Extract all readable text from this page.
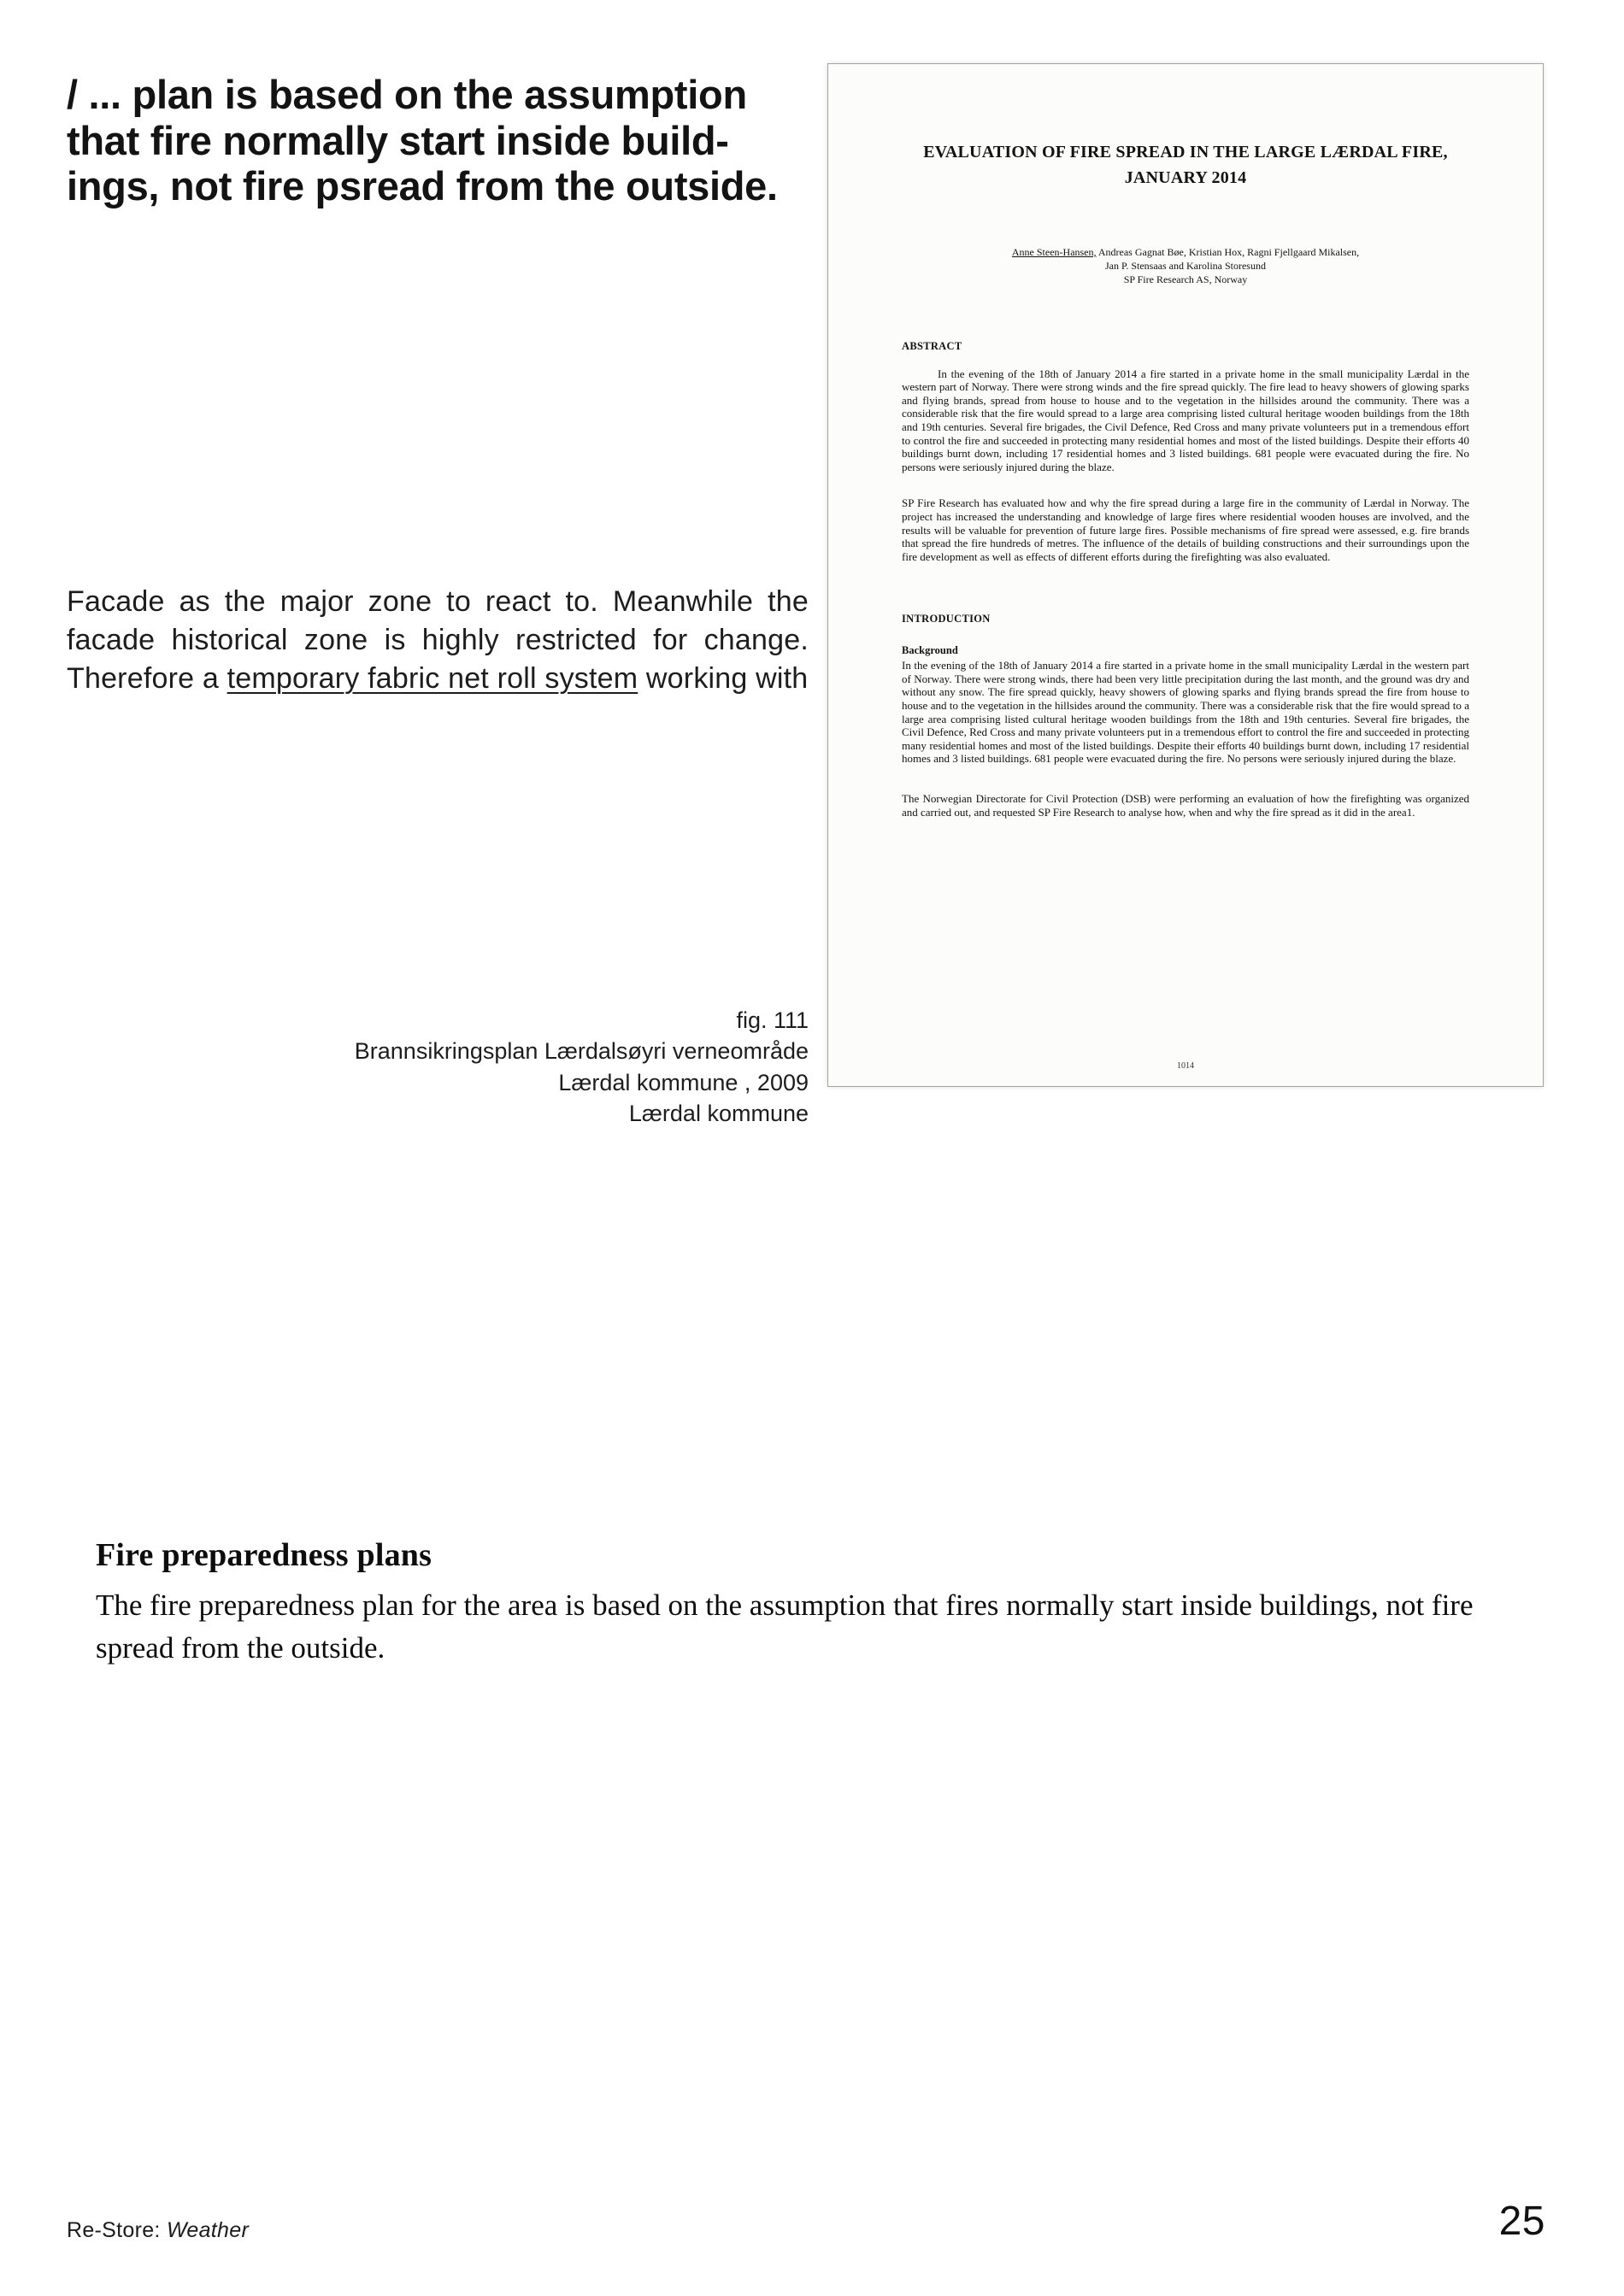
/ ... plan is based on the assumption
that fire normally start inside build-
ings, not fire psread from the outside.
Facade as the major zone to react to. Meanwhile the facade historical zone is highly restricted for change. Therefore a temporary fabric net roll system working with
fig. 111
Brannsikringsplan Lærdalsøyri verneområde
Lærdal kommune , 2009
Lærdal kommune
EVALUATION OF FIRE SPREAD IN THE LARGE LÆRDAL FIRE, JANUARY 2014
Anne Steen-Hansen, Andreas Gagnat Bøe, Kristian Hox, Ragni Fjellgaard Mikalsen,
Jan P. Stensaas and Karolina Storesund
SP Fire Research AS, Norway
ABSTRACT

In the evening of the 18th of January 2014 a fire started in a private home in the small municipality Lærdal in the western part of Norway. There were strong winds and the fire spread quickly. The fire lead to heavy showers of glowing sparks and flying brands, spread from house to house and to the vegetation in the hillsides around the community. There was a considerable risk that the fire would spread to a large area comprising listed cultural heritage wooden buildings from the 18th and 19th centuries. Several fire brigades, the Civil Defence, Red Cross and many private volunteers put in a tremendous effort to control the fire and succeeded in protecting many residential homes and most of the listed buildings. Despite their efforts 40 buildings burnt down, including 17 residential homes and 3 listed buildings. 681 people were evacuated during the fire. No persons were seriously injured during the blaze.

SP Fire Research has evaluated how and why the fire spread during a large fire in the community of Lærdal in Norway. The project has increased the understanding and knowledge of large fires where residential wooden houses are involved, and the results will be valuable for prevention of future large fires. Possible mechanisms of fire spread were assessed, e.g. fire brands that spread the fire hundreds of metres. The influence of the details of building constructions and their surroundings upon the fire development as well as effects of different efforts during the firefighting was also evaluated.

INTRODUCTION
Background

In the evening of the 18th of January 2014 a fire started in a private home in the small municipality Lærdal in the western part of Norway. There were strong winds, there had been very little precipitation during the last month, and the ground was dry and without any snow. The fire spread quickly, heavy showers of glowing sparks and flying brands spread the fire from house to house and to the vegetation in the hillsides around the community. There was a considerable risk that the fire would spread to a large area comprising listed cultural heritage wooden buildings from the 18th and 19th centuries. Several fire brigades, the Civil Defence, Red Cross and many private volunteers put in a tremendous effort to control the fire and succeeded in protecting many residential homes and most of the listed buildings. Despite their efforts 40 buildings burnt down, including 17 residential homes and 3 listed buildings. 681 people were evacuated during the fire. No persons were seriously injured during the blaze.

The Norwegian Directorate for Civil Protection (DSB) were performing an evaluation of how the firefighting was organized and carried out, and requested SP Fire Research to analyse how, when and why the fire spread as it did in the area1.

1014
Fire preparedness plans
The fire preparedness plan for the area is based on the assumption that fires normally start inside buildings, not fire spread from the outside.
Re-Store: Weather	25
